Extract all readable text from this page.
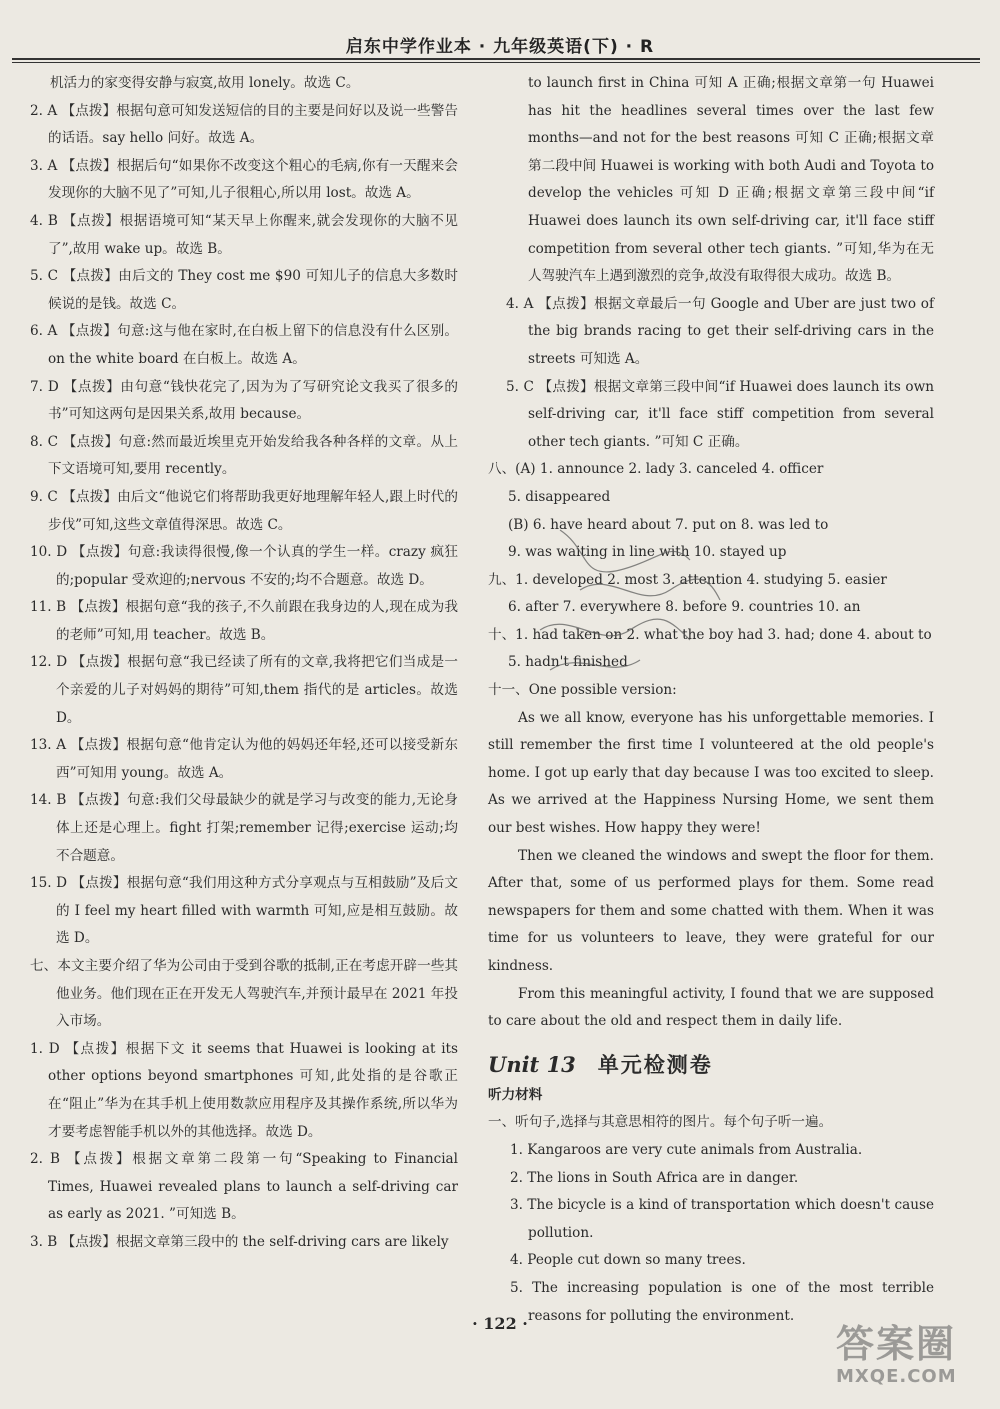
启东中学作业本 · 九年级英语(下) · R

机活力的家变得安静与寂寞,故用 lonely。故选 C。

2. A 【点拨】根据句意可知发送短信的目的主要是问好以及说一些警告的话语。say hello 问好。故选 A。

3. A 【点拨】根据后句“如果你不改变这个粗心的毛病,你有一天醒来会发现你的大脑不见了”可知,儿子很粗心,所以用 lost。故选 A。

4. B 【点拨】根据语境可知“某天早上你醒来,就会发现你的大脑不见了”,故用 wake up。故选 B。

5. C 【点拨】由后文的 They cost me $90 可知儿子的信息大多数时候说的是钱。故选 C。

6. A 【点拨】句意:这与他在家时,在白板上留下的信息没有什么区别。on the white board 在白板上。故选 A。

7. D 【点拨】由句意“钱快花完了,因为为了写研究论文我买了很多的书”可知这两句是因果关系,故用 because。

8. C 【点拨】句意:然而最近埃里克开始发给我各种各样的文章。从上下文语境可知,要用 recently。

9. C 【点拨】由后文“他说它们将帮助我更好地理解年轻人,跟上时代的步伐”可知,这些文章值得深思。故选 C。

10. D 【点拨】句意:我读得很慢,像一个认真的学生一样。crazy 疯狂的;popular 受欢迎的;nervous 不安的;均不合题意。故选 D。

11. B 【点拨】根据句意“我的孩子,不久前跟在我身边的人,现在成为我的老师”可知,用 teacher。故选 B。

12. D 【点拨】根据句意“我已经读了所有的文章,我将把它们当成是一个亲爱的儿子对妈妈的期待”可知,them 指代的是 articles。故选 D。

13. A 【点拨】根据句意“他肯定认为他的妈妈还年轻,还可以接受新东西”可知用 young。故选 A。

14. B 【点拨】句意:我们父母最缺少的就是学习与改变的能力,无论身体上还是心理上。fight 打架;remember 记得;exercise 运动;均不合题意。

15. D 【点拨】根据句意“我们用这种方式分享观点与互相鼓励”及后文的 I feel my heart filled with warmth 可知,应是相互鼓励。故选 D。

七、本文主要介绍了华为公司由于受到谷歌的抵制,正在考虑开辟一些其他业务。他们现在正在开发无人驾驶汽车,并预计最早在 2021 年投入市场。

1. D 【点拨】根据下文 it seems that Huawei is looking at its other options beyond smartphones 可知,此处指的是谷歌正在“阻止”华为在其手机上使用数款应用程序及其操作系统,所以华为才要考虑智能手机以外的其他选择。故选 D。

2. B 【点拨】根据文章第二段第一句“Speaking to Financial Times, Huawei revealed plans to launch a self-driving car as early as 2021. ”可知选 B。

3. B 【点拨】根据文章第三段中的 the self-driving cars are likely

to launch first in China 可知 A 正确;根据文章第一句 Huawei has hit the headlines several times over the last few months—and not for the best reasons 可知 C 正确;根据文章第二段中间 Huawei is working with both Audi and Toyota to develop the vehicles 可知 D 正确;根据文章第三段中间“if Huawei does launch its own self-driving car, it'll face stiff competition from several other tech giants. ”可知,华为在无人驾驶汽车上遇到激烈的竞争,故没有取得很大成功。故选 B。

4. A 【点拨】根据文章最后一句 Google and Uber are just two of the big brands racing to get their self-driving cars in the streets 可知选 A。

5. C 【点拨】根据文章第三段中间“if Huawei does launch its own self-driving car, it'll face stiff competition from several other tech giants. ”可知 C 正确。

八、(A) 1. announce 2. lady 3. canceled 4. officer

5. disappeared

(B) 6. have heard about 7. put on 8. was led to

9. was waiting in line with 10. stayed up

九、1. developed 2. most 3. attention 4. studying 5. easier

6. after 7. everywhere 8. before 9. countries 10. an

十、1. had taken on 2. what the boy had 3. had; done 4. about to

5. hadn't finished

十一、One possible version:

As we all know, everyone has his unforgettable memories. I still remember the first time I volunteered at the old people's home. I got up early that day because I was too excited to sleep. As we arrived at the Happiness Nursing Home, we sent them our best wishes. How happy they were!

Then we cleaned the windows and swept the floor for them. After that, some of us performed plays for them. Some read newspapers for them and some chatted with them. When it was time for us volunteers to leave, they were grateful for our kindness.

From this meaningful activity, I found that we are supposed to care about the old and respect them in daily life.

Unit 13 单元检测卷
听力材料

一、听句子,选择与其意思相符的图片。每个句子听一遍。

1. Kangaroos are very cute animals from Australia.

2. The lions in South Africa are in danger.

3. The bicycle is a kind of transportation which doesn't cause pollution.

4. People cut down so many trees.

5. The increasing population is one of the most terrible reasons for polluting the environment.

· 122 ·	答案圈
MXQE.COM
